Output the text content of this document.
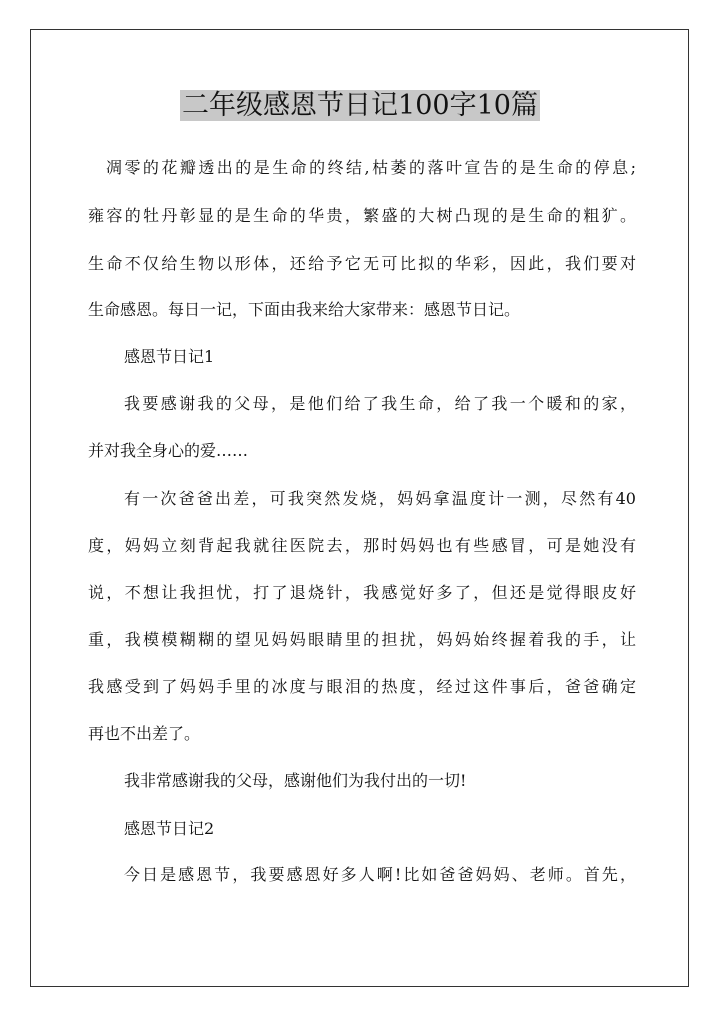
二年级感恩节日记100字10篇

凋零的花瓣透出的是生命的终结,枯萎的落叶宣告的是生命的停息;

雍容的牡丹彰显的是生命的华贵，繁盛的大树凸现的是生命的粗犷。

生命不仅给生物以形体，还给予它无可比拟的华彩，因此，我们要对

生命感恩。每日一记，下面由我来给大家带来：感恩节日记。

感恩节日记1

我要感谢我的父母，是他们给了我生命，给了我一个暖和的家，

并对我全身心的爱……

有一次爸爸出差，可我突然发烧，妈妈拿温度计一测，尽然有40

度，妈妈立刻背起我就往医院去，那时妈妈也有些感冒，可是她没有

说，不想让我担忧，打了退烧针，我感觉好多了，但还是觉得眼皮好

重，我模模糊糊的望见妈妈眼睛里的担扰，妈妈始终握着我的手，让

我感受到了妈妈手里的冰度与眼泪的热度，经过这件事后，爸爸确定

再也不出差了。

我非常感谢我的父母，感谢他们为我付出的一切!

感恩节日记2

今日是感恩节，我要感恩好多人啊!比如爸爸妈妈、老师。首先，
